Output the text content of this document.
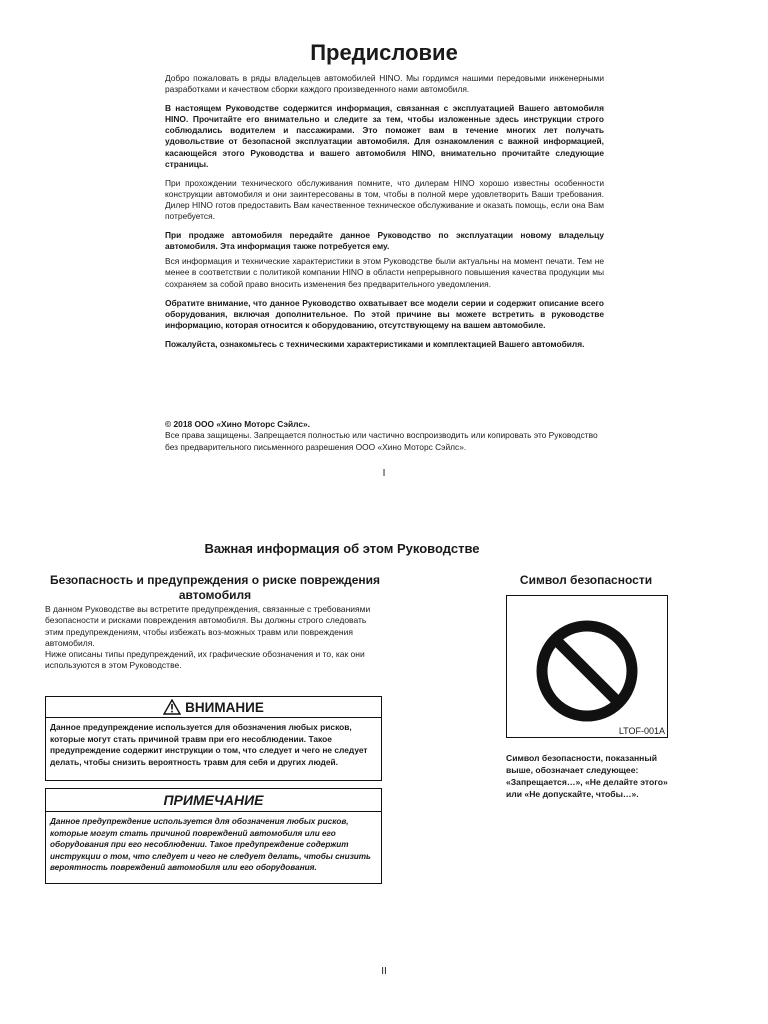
Предисловие

Добро пожаловать в ряды владельцев автомобилей HINO. Мы гордимся нашими передовыми инженерными разработками и качеством сборки каждого произведенного нами автомобиля.

В настоящем Руководстве содержится информация, связанная с эксплуатацией Вашего автомобиля HINO. Прочитайте его внимательно и следите за тем, чтобы изложенные здесь инструкции строго соблюдались водителем и пассажирами. Это поможет вам в течение многих лет получать удовольствие от безопасной эксплуатации автомобиля. Для ознакомления с важной информацией, касающейся этого Руководства и вашего автомобиля HINO, внимательно прочитайте следующие страницы.

При прохождении технического обслуживания помните, что дилерам HINO хорошо известны особенности конструкции автомобиля и они заинтересованы в том, чтобы в полной мере удовлетворить Ваши требования. Дилер HINO готов предоставить Вам качественное техническое обслуживание и оказать помощь, если она Вам потребуется.

При продаже автомобиля передайте данное Руководство по эксплуатации новому владельцу автомобиля. Эта информация также потребуется ему.

Вся информация и технические характеристики в этом Руководстве были актуальны на момент печати. Тем не менее в соответствии с политикой компании HINO в области непрерывного повышения качества продукции мы сохраняем за собой право вносить изменения без предварительного уведомления.

Обратите внимание, что данное Руководство охватывает все модели серии и содержит описание всего оборудования, включая дополнительное. По этой причине вы можете встретить в руководстве информацию, которая относится к оборудованию, отсутствующему на вашем автомобиле.

Пожалуйста, ознакомьтесь с техническими характеристиками и комплектацией Вашего автомобиля.

© 2018 ООО «Хино Моторс Сэйлс».

Все права защищены. Запрещается полностью или частично воспроизводить или копировать это Руководство без предварительного письменного разрешения ООО «Хино Моторс Сэйлс».

I
Важная информация об этом Руководстве
Безопасность и предупреждения о риске повреждения автомобиля

В данном Руководстве вы встретите предупреждения, связанные с требованиями безопасности и рисками повреждения автомобиля. Вы должны строго следовать этим предупреждениям, чтобы избежать воз-можных травм или повреждения автомобиля.

Ниже описаны типы предупреждений, их графические обозначения и то, как они используются в этом Руководстве.

ВНИМАНИЕ
Данное предупреждение используется для обозначения любых рисков, которые могут стать причиной травм при его несоблюдении. Такое предупреждение содержит инструкции о том, что следует и чего не следует делать, чтобы снизить вероятность травм для себя и других людей.
ПРИМЕЧАНИЕ
Данное предупреждение используется для обозначения любых рисков, которые могут стать причиной повреждений автомобиля или его оборудования при его несоблюдении. Такое предупреждение содержит инструкции о том, что следует и чего не следует делать, чтобы снизить вероятность повреждений автомобиля или его оборудования.
Символ безопасности
LTOF-001A
Символ безопасности, показанный выше, обозначает следующее: «Запрещается…», «Не делайте этого» или «Не допускайте, чтобы…».
II
